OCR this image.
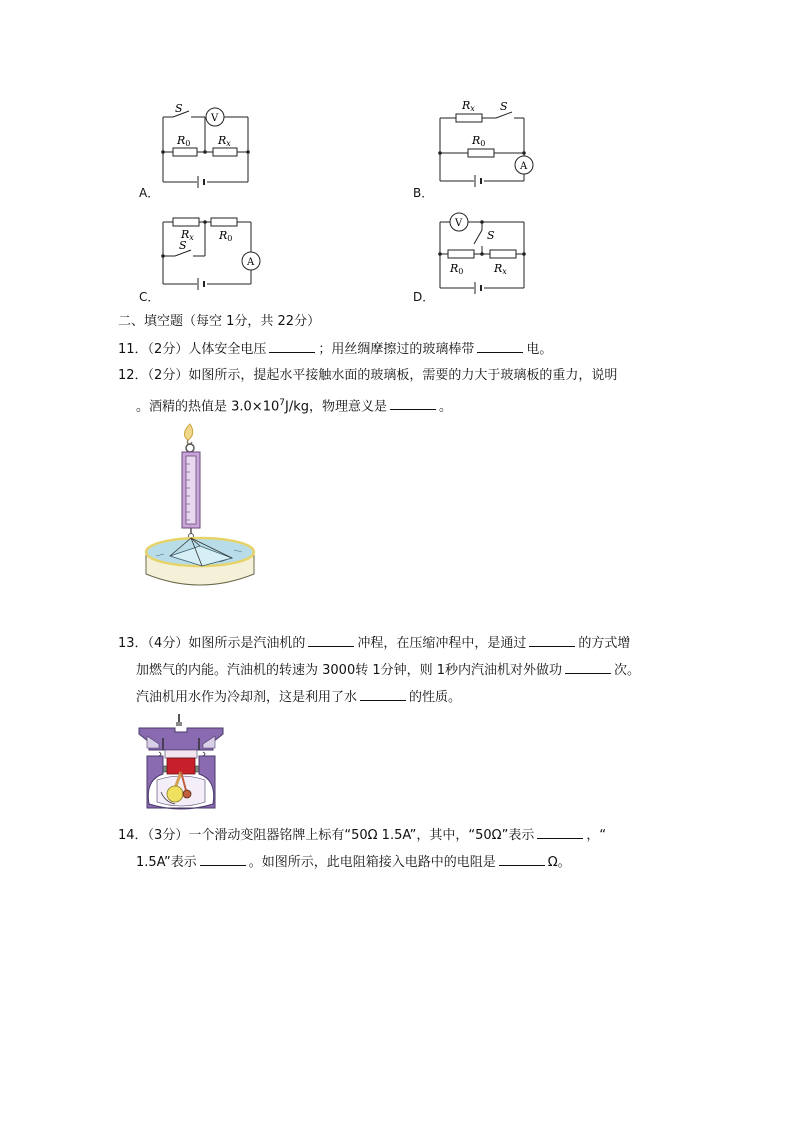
S
V
R0	Rx
A．
Rx S
R0
A
B．
Rx R0
S
A
C．
V
S
R0	Rx
D．
二、填空题（每空 1分，共 22分）
11．（2分）人体安全电压	；用丝绸摩擦过的玻璃棒带	电。
12．（2分）如图所示，提起水平接触水面的玻璃板，需要的力大于玻璃板的重力，说明
。酒精的热值是 $3.0\times 10^7J/kg$，物理意义是	。
13．（4分）如图所示是汽油机的	冲程，在压缩冲程中，是通过	的方式增
加燃气的内能。汽油机的转速为 3000转 1分钟，则 1秒内汽油机对外做功	次。
汽油机用水作为冷却剂，这是利用了水	的性质。
14．（3分）一个滑动变阻器铭牌上标有“50Ω 1.5A”，其中，“50Ω”表示	，“
1.5A”表示	。如图所示，此电阻箱接入电路中的电阻是	Ω。
